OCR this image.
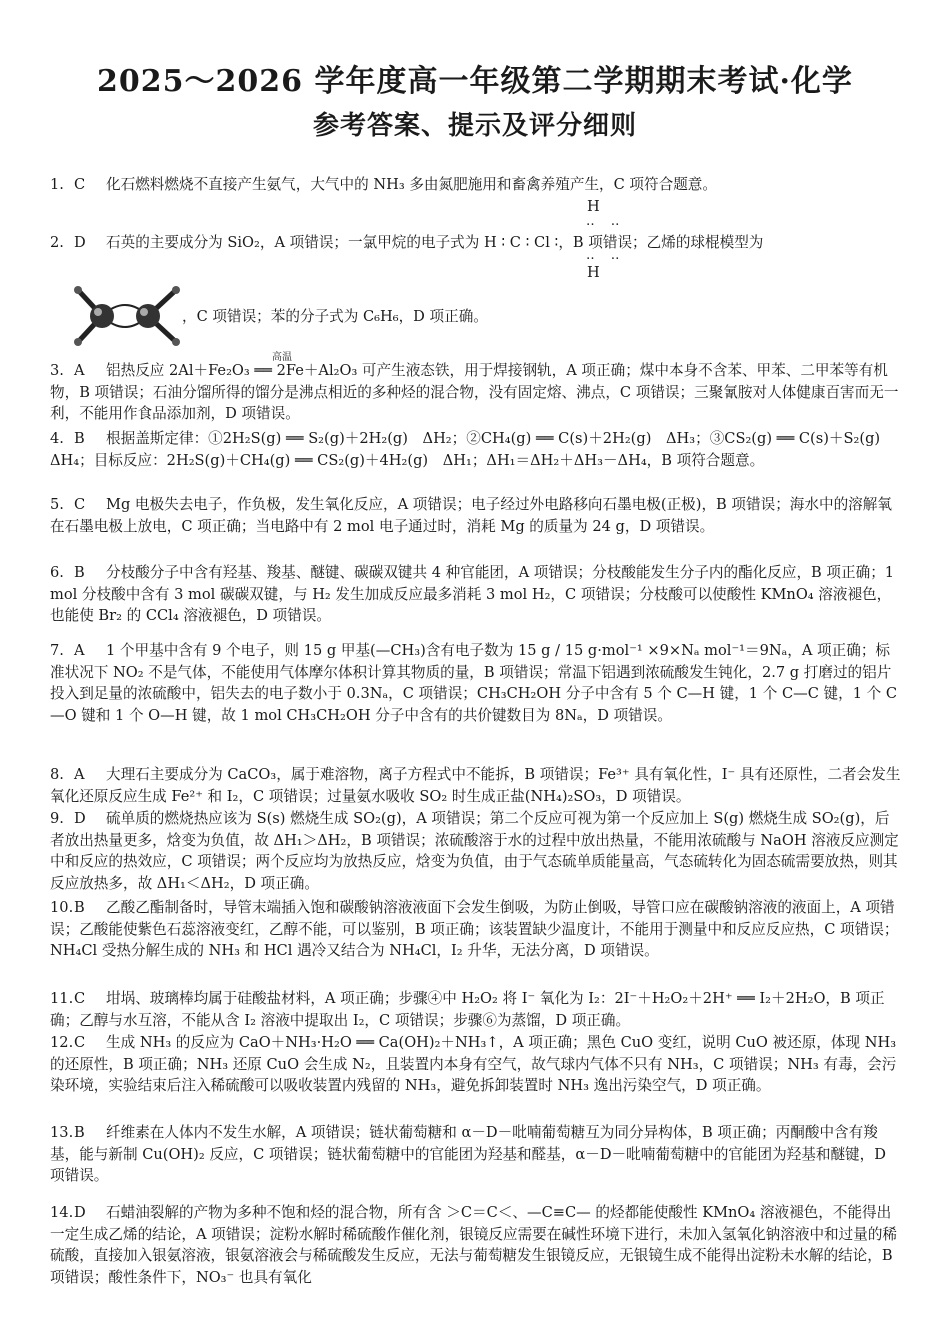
2025～2026 学年度高一年级第二学期期末考试·化学
参考答案、提示及评分细则
1. C 化石燃料燃烧不直接产生氨气，大气中的 NH₃ 多由氮肥施用和畜禽养殖产生，C 项符合题意。
H
‥ ‥
‥ ‥
H
2. D 石英的主要成分为 SiO₂，A 项错误；一氯甲烷的电子式为 H ∶ C ∶ Cl ∶，B 项错误；乙烯的球棍模型为
，C 项错误；苯的分子式为 C₆H₆，D 项正确。
高温
3. A 铝热反应 2Al＋Fe₂O₃ ══ 2Fe＋Al₂O₃ 可产生液态铁，用于焊接钢轨，A 项正确；煤中本身不含苯、甲苯、二甲苯等有机物，B 项错误；石油分馏所得的馏分是沸点相近的多种烃的混合物，没有固定熔、沸点，C 项错误；三聚氰胺对人体健康百害而无一利，不能用作食品添加剂，D 项错误。
4. B 根据盖斯定律：①2H₂S(g) ══ S₂(g)＋2H₂(g)　ΔH₂；②CH₄(g) ══ C(s)＋2H₂(g)　ΔH₃；③CS₂(g) ══ C(s)＋S₂(g)　ΔH₄；目标反应：2H₂S(g)＋CH₄(g) ══ CS₂(g)＋4H₂(g)　ΔH₁；ΔH₁＝ΔH₂＋ΔH₃－ΔH₄，B 项符合题意。
5. C Mg 电极失去电子，作负极，发生氧化反应，A 项错误；电子经过外电路移向石墨电极(正极)，B 项错误；海水中的溶解氧在石墨电极上放电，C 项正确；当电路中有 2 mol 电子通过时，消耗 Mg 的质量为 24 g，D 项错误。
6. B 分枝酸分子中含有羟基、羧基、醚键、碳碳双键共 4 种官能团，A 项错误；分枝酸能发生分子内的酯化反应，B 项正确；1 mol 分枝酸中含有 3 mol 碳碳双键，与 H₂ 发生加成反应最多消耗 3 mol H₂，C 项错误；分枝酸可以使酸性 KMnO₄ 溶液褪色，也能使 Br₂ 的 CCl₄ 溶液褪色，D 项错误。
7. A 1 个甲基中含有 9 个电子，则 15 g 甲基(—CH₃)含有电子数为 15 g / 15 g·mol⁻¹ ×9×Nₐ mol⁻¹＝9Nₐ，A 项正确；标准状况下 NO₂ 不是气体，不能使用气体摩尔体积计算其物质的量，B 项错误；常温下铝遇到浓硫酸发生钝化，2.7 g 打磨过的铝片投入到足量的浓硫酸中，铝失去的电子数小于 0.3Nₐ，C 项错误；CH₃CH₂OH 分子中含有 5 个 C—H 键，1 个 C—C 键，1 个 C—O 键和 1 个 O—H 键，故 1 mol CH₃CH₂OH 分子中含有的共价键数目为 8Nₐ，D 项错误。
8. A 大理石主要成分为 CaCO₃，属于难溶物，离子方程式中不能拆，B 项错误；Fe³⁺ 具有氧化性，I⁻ 具有还原性，二者会发生氧化还原反应生成 Fe²⁺ 和 I₂，C 项错误；过量氨水吸收 SO₂ 时生成正盐(NH₄)₂SO₃，D 项错误。
9. D 硫单质的燃烧热应该为 S(s) 燃烧生成 SO₂(g)，A 项错误；第二个反应可视为第一个反应加上 S(g) 燃烧生成 SO₂(g)，后者放出热量更多，焓变为负值，故 ΔH₁＞ΔH₂，B 项错误；浓硫酸溶于水的过程中放出热量，不能用浓硫酸与 NaOH 溶液反应测定中和反应的热效应，C 项错误；两个反应均为放热反应，焓变为负值，由于气态硫单质能量高，气态硫转化为固态硫需要放热，则其反应放热多，故 ΔH₁＜ΔH₂，D 项正确。
10.B 乙酸乙酯制备时，导管末端插入饱和碳酸钠溶液液面下会发生倒吸，为防止倒吸，导管口应在碳酸钠溶液的液面上，A 项错误；乙酸能使紫色石蕊溶液变红，乙醇不能，可以鉴别，B 项正确；该装置缺少温度计，不能用于测量中和反应反应热，C 项错误；NH₄Cl 受热分解生成的 NH₃ 和 HCl 遇冷又结合为 NH₄Cl，I₂ 升华，无法分离，D 项错误。
11.C 坩埚、玻璃棒均属于硅酸盐材料，A 项正确；步骤④中 H₂O₂ 将 I⁻ 氧化为 I₂：2I⁻＋H₂O₂＋2H⁺ ══ I₂＋2H₂O，B 项正确；乙醇与水互溶，不能从含 I₂ 溶液中提取出 I₂，C 项错误；步骤⑥为蒸馏，D 项正确。
12.C 生成 NH₃ 的反应为 CaO＋NH₃·H₂O ══ Ca(OH)₂＋NH₃↑，A 项正确；黑色 CuO 变红，说明 CuO 被还原，体现 NH₃ 的还原性，B 项正确；NH₃ 还原 CuO 会生成 N₂，且装置内本身有空气，故气球内气体不只有 NH₃，C 项错误；NH₃ 有毒，会污染环境，实验结束后注入稀硫酸可以吸收装置内残留的 NH₃，避免拆卸装置时 NH₃ 逸出污染空气，D 项正确。
13.B 纤维素在人体内不发生水解，A 项错误；链状葡萄糖和 α－D－吡喃葡萄糖互为同分异构体，B 项正确；丙酮酸中含有羧基，能与新制 Cu(OH)₂ 反应，C 项错误；链状葡萄糖中的官能团为羟基和醛基，α－D－吡喃葡萄糖中的官能团为羟基和醚键，D 项错误。
14.D 石蜡油裂解的产物为多种不饱和烃的混合物，所有含 ＞C＝C＜、—C≡C— 的烃都能使酸性 KMnO₄ 溶液褪色，不能得出一定生成乙烯的结论，A 项错误；淀粉水解时稀硫酸作催化剂，银镜反应需要在碱性环境下进行，未加入氢氧化钠溶液中和过量的稀硫酸，直接加入银氨溶液，银氨溶液会与稀硫酸发生反应，无法与葡萄糖发生银镜反应，无银镜生成不能得出淀粉未水解的结论，B 项错误；酸性条件下，NO₃⁻ 也具有氧化
